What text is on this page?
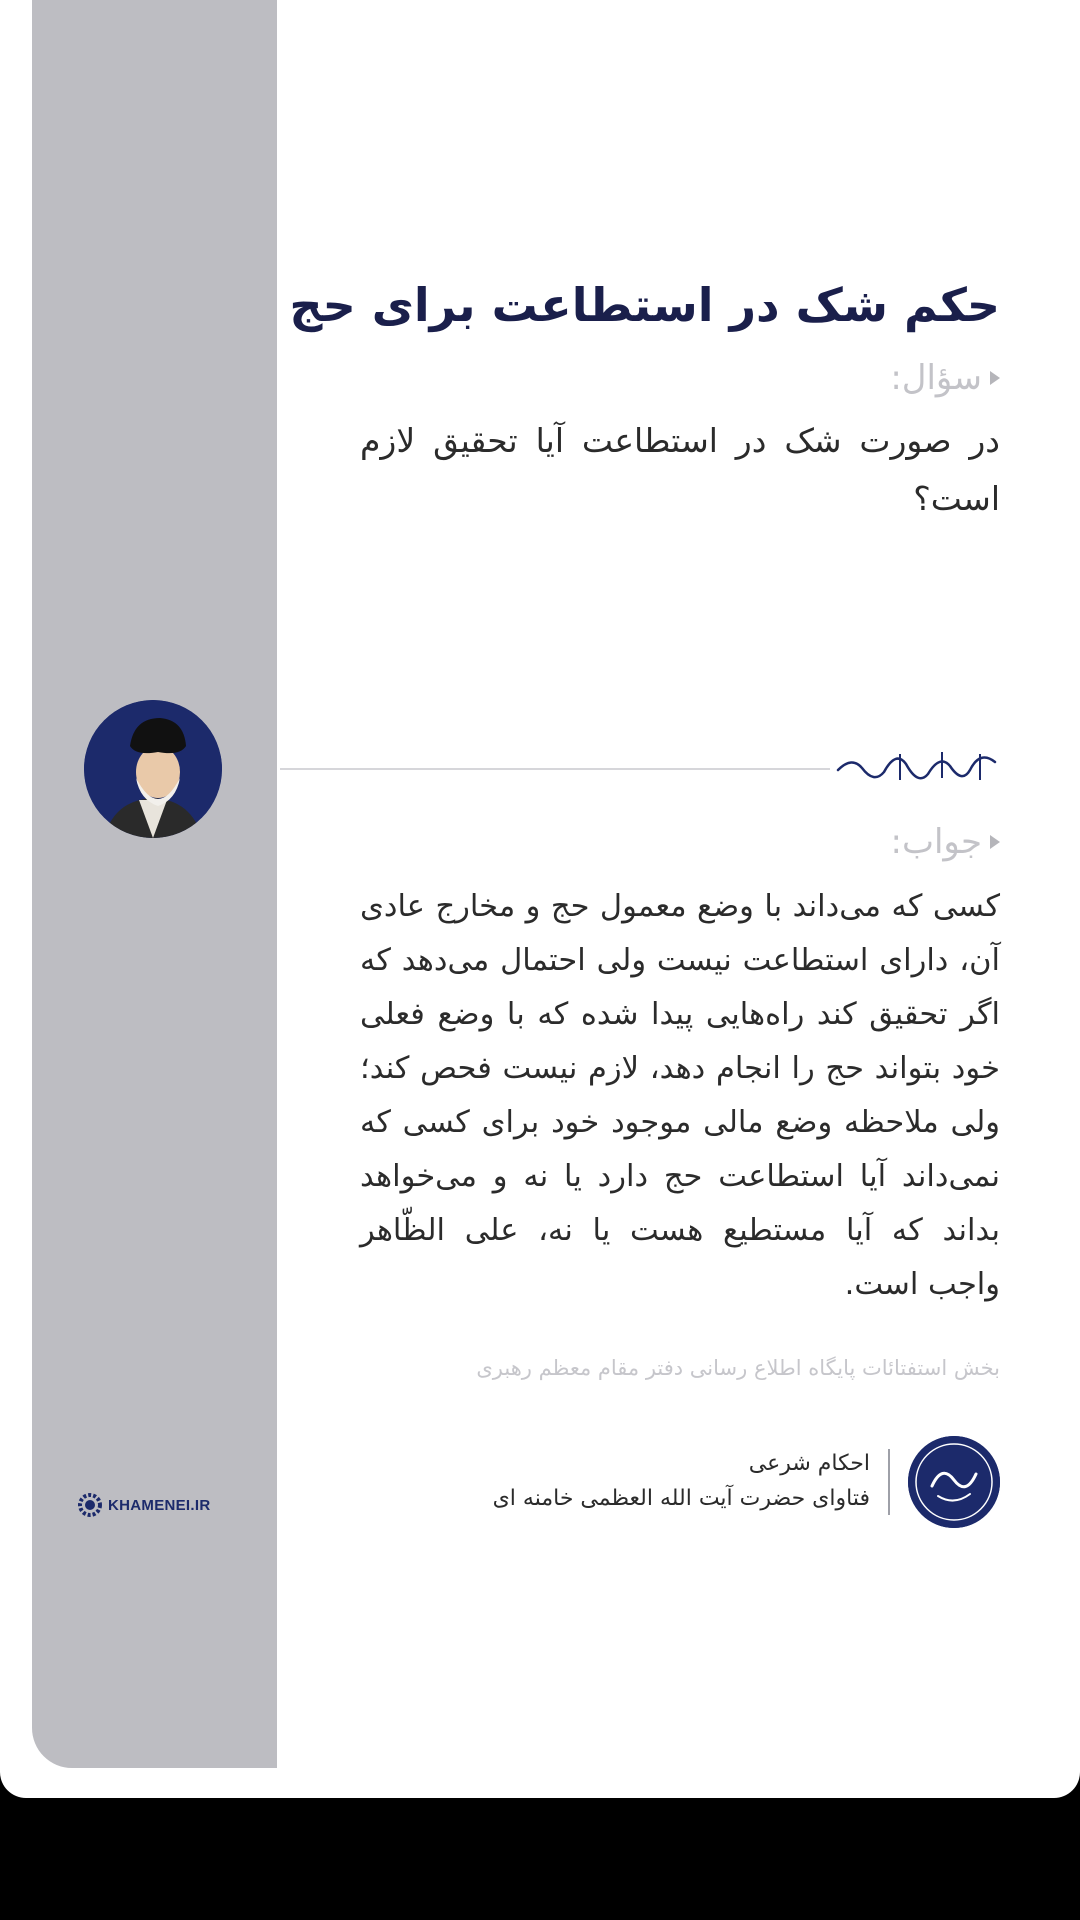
KHAMENEI.IR
حکم شک در استطاعت برای حج
سؤال:
در صورت شک در استطاعت آیا تحقیق لازم است؟
جواب:
کسی که می‌داند با وضع معمول حج و مخارج عادی آن، دارای استطاعت نیست ولی احتمال می‌دهد که اگر تحقیق کند راه‌هایی پیدا شده که با وضع فعلی خود بتواند حج را انجام دهد، لازم نیست فحص کند؛ ولی ملاحظه وضع مالی موجود خود برای کسی که نمی‌داند آیا استطاعت حج دارد یا نه و می‌خواهد بداند که آیا مستطیع هست یا نه، علی الظّاهر واجب است.
بخش استفتائات پایگاه اطلاع رسانی دفتر مقام معظم رهبری
احکام شرعی
فتاوای حضرت آیت الله العظمی خامنه ای
